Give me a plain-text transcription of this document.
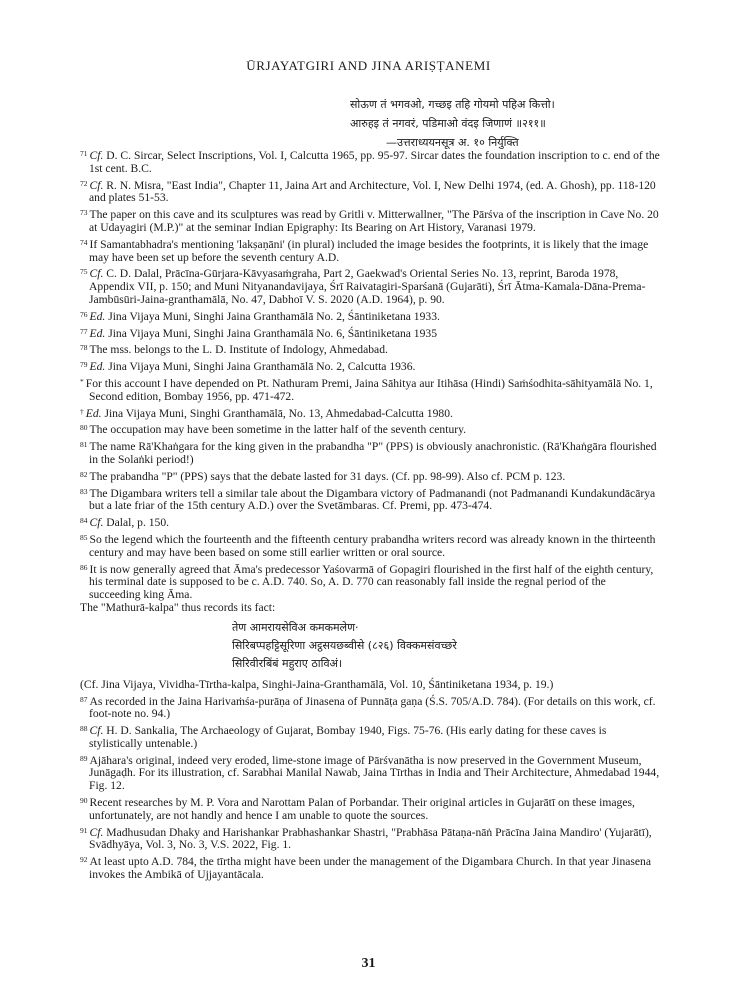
ŪRJAYATGIRI AND JINA ARIṢṬANEMI
सोऊण तं भगवओ, गच्छइ तहि गोयमो पहिअ कित्तो।
आरुहइ तं नगवरं, पडिमाओ वंदइ जिणाणं ॥२११॥
—उत्तराध्ययनसूत्र अ. १० निर्युक्ति

$^{71}$ Cf. D. C. Sircar, Select Inscriptions, Vol. I, Calcutta 1965, pp. 95-97. Sircar dates the foundation inscription to c. end of the 1st cent. B.C.

$^{72}$ Cf. R. N. Misra, "East India", Chapter 11, Jaina Art and Architecture, Vol. I, New Delhi 1974, (ed. A. Ghosh), pp. 118-120 and plates 51-53.

$^{73}$ The paper on this cave and its sculptures was read by Gritli v. Mitterwallner, "The Pārśva of the inscription in Cave No. 20 at Udayagiri (M.P.)" at the seminar Indian Epigraphy: Its Bearing on Art History, Varanasi 1979.

$^{74}$ If Samantabhadra's mentioning 'lakṣaṇāni' (in plural) included the image besides the footprints, it is likely that the image may have been set up before the seventh century A.D.

$^{75}$ Cf. C. D. Dalal, Prācīna-Gūrjara-Kāvyasaṁgraha, Part 2, Gaekwad's Oriental Series No. 13, reprint, Baroda 1978, Appendix VII, p. 150; and Muni Nityanandavijaya, Śrī Raivatagiri-Sparśanā (Gujarāti), Śrī Ātma-Kamala-Dāna-Prema-Jambūsūri-Jaina-granthamālā, No. 47, Dabhoī V. S. 2020 (A.D. 1964), p. 90.

$^{76}$ Ed. Jina Vijaya Muni, Singhi Jaina Granthamālā No. 2, Śāntiniketana 1933.

$^{77}$ Ed. Jina Vijaya Muni, Singhi Jaina Granthamālā No. 6, Śāntiniketana 1935

$^{78}$ The mss. belongs to the L. D. Institute of Indology, Ahmedabad.

$^{79}$ Ed. Jina Vijaya Muni, Singhi Jaina Granthamālā No. 2, Calcutta 1936.

* For this account I have depended on Pt. Nathuram Premi, Jaina Sāhitya aur Itihāsa (Hindi) Saṁśodhita-sāhityamālā No. 1, Second edition, Bombay 1956, pp. 471-472.

† Ed. Jina Vijaya Muni, Singhi Granthamālā, No. 13, Ahmedabad-Calcutta 1980.

$^{80}$ The occupation may have been sometime in the latter half of the seventh century.

$^{81}$ The name Rā'Khaṅgara for the king given in the prabandha "P" (PPS) is obviously anachronistic. (Rā'Khaṅgāra flourished in the Solaṅki period!)

$^{82}$ The prabandha "P" (PPS) says that the debate lasted for 31 days. (Cf. pp. 98-99). Also cf. PCM p. 123.

$^{83}$ The Digambara writers tell a similar tale about the Digambara victory of Padmanandi (not Padmanandi Kundakundācārya but a late friar of the 15th century A.D.) over the Svetāmbaras. Cf. Premi, pp. 473-474.

$^{84}$ Cf. Dalal, p. 150.

$^{85}$ So the legend which the fourteenth and the fifteenth century prabandha writers record was already known in the thirteenth century and may have been based on some still earlier written or oral source.

$^{86}$ It is now generally agreed that Āma's predecessor Yaśovarmā of Gopagiri flourished in the first half of the eighth century, his terminal date is supposed to be c. A.D. 740. So, A. D. 770 can reasonably fall inside the regnal period of the succeeding king Āma.

The "Mathurā-kalpa" thus records its fact:

तेण आमरायसेविअ कमकमलेण·
सिरिबप्पहट्टिसूरिणा अट्ठसयछब्वीसे (८२६) विक्कमसंवच्छरे
सिरिवीरबिंबं महुराए ठाविअं।

(Cf. Jina Vijaya, Vividha-Tīrtha-kalpa, Singhi-Jaina-Granthamālā, Vol. 10, Śāntiniketana 1934, p. 19.)

$^{87}$ As recorded in the Jaina Harivaṁśa-purāṇa of Jinasena of Punnāṭa gaṇa (Ś.S. 705/A.D. 784). (For details on this work, cf. foot-note no. 94.)

$^{88}$ Cf. H. D. Sankalia, The Archaeology of Gujarat, Bombay 1940, Figs. 75-76. (His early dating for these caves is stylistically untenable.)

$^{89}$ Ajāhara's original, indeed very eroded, lime-stone image of Pārśvanātha is now preserved in the Government Museum, Junāgaḍh. For its illustration, cf. Sarabhai Manilal Nawab, Jaina Tīrthas in India and Their Architecture, Ahmedabad 1944, Fig. 12.

$^{90}$ Recent researches by M. P. Vora and Narottam Palan of Porbandar. Their original articles in Gujarātī on these images, unfortunately, are not handly and hence I am unable to quote the sources.

$^{91}$ Cf. Madhusudan Dhaky and Harishankar Prabhashankar Shastri, "Prabhāsa Pātaṇa-nāṅ Prācīna Jaina Mandiro' (Yujarātī), Svādhyāya, Vol. 3, No. 3, V.S. 2022, Fig. 1.

$^{92}$ At least upto A.D. 784, the tīrtha might have been under the management of the Digambara Church. In that year Jinasena invokes the Ambikā of Ujjayantācala.

31
